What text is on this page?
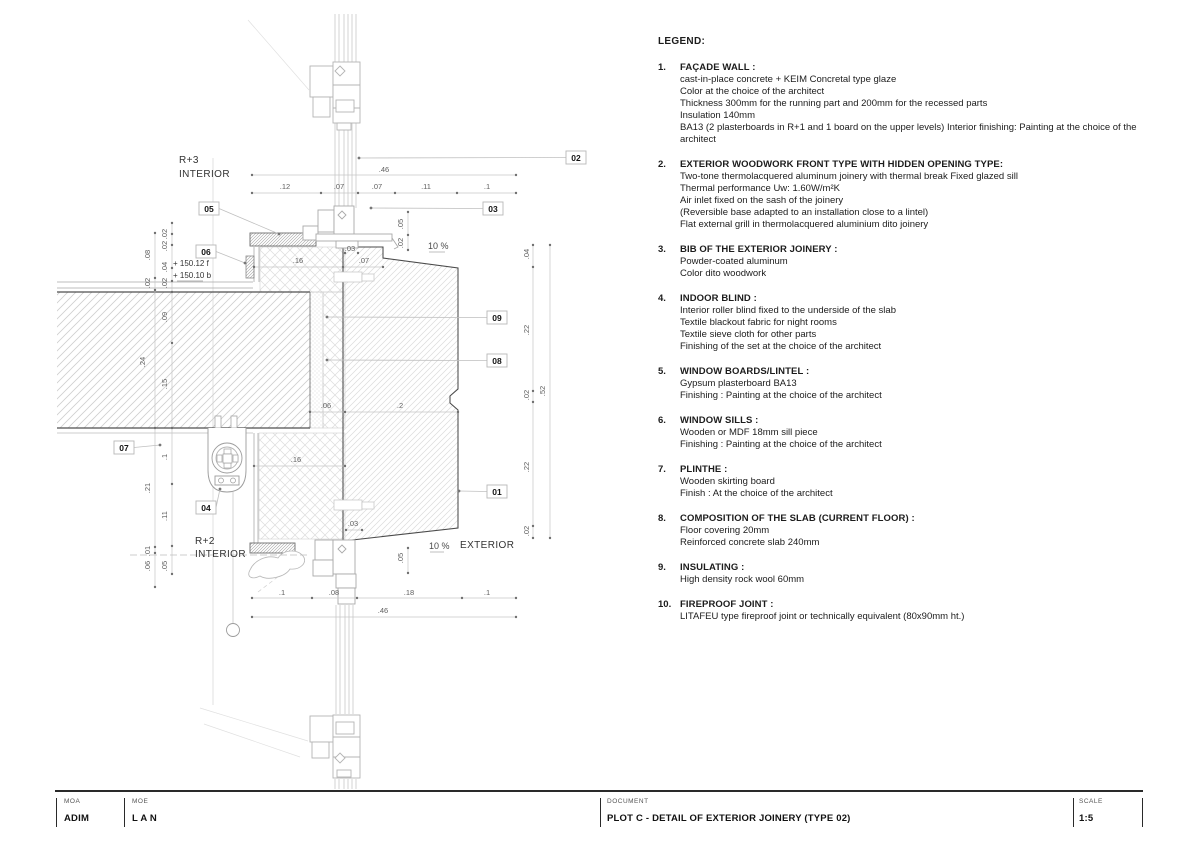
.46
.12	.07	.07	.11	.1
.03
.16	.07
.06	.2
.16
.03
.1	.08	.18	.1
.46
.08
.02
.24
.21
.01
.06
.02
.02
.04
.02
.09
.15
.1
.11
.05
.05
.02
.05
.04
.22
.02
.22
.02
.52
R+3
INTERIOR
R+2
INTERIOR
EXTERIOR
10 %
10 %
+ 150.12 f
+ 150.10 b
01
02
03
04
05
06
07
08
09
LEGEND:
1.	FAÇADE WALL :
cast-in-place concrete + KEIM Concretal type glaze
Color at the choice of the architect
Thickness 300mm for the running part and 200mm for the recessed parts
Insulation 140mm
BA13 (2 plasterboards in R+1 and 1 board on the upper levels) Interior finishing: Painting at the choice of the architect
2.	EXTERIOR WOODWORK FRONT TYPE WITH HIDDEN OPENING TYPE:
Two-tone thermolacquered aluminum joinery with thermal break Fixed glazed sill
Thermal performance Uw: 1.60W/m²K
Air inlet fixed on the sash of the joinery
(Reversible base adapted to an installation close to a lintel)
Flat external grill in thermolacquered aluminium dito joinery
3.	BIB OF THE EXTERIOR JOINERY :
Powder-coated aluminum
Color dito woodwork
4.	INDOOR BLIND :
Interior roller blind fixed to the underside of the slab
Textile blackout fabric for night rooms
Textile sieve cloth for other parts
Finishing of the set at the choice of the architect
5.	WINDOW BOARDS/LINTEL :
Gypsum plasterboard BA13
Finishing : Painting at the choice of the architect
6.	WINDOW SILLS :
Wooden or MDF 18mm sill piece
Finishing : Painting at the choice of the architect
7.	PLINTHE :
Wooden skirting board
Finish : At the choice of the architect
8.	COMPOSITION OF THE SLAB (CURRENT FLOOR) :
Floor covering 20mm
Reinforced concrete slab 240mm
9.	INSULATING :
High density rock wool 60mm
10. FIREPROOF JOINT :
LITAFEU type fireproof joint or technically equivalent (80x90mm ht.)
MOA
ADIM
MOE
L A N
DOCUMENT
PLOT C - DETAIL OF EXTERIOR JOINERY (TYPE 02)
SCALE
1:5
